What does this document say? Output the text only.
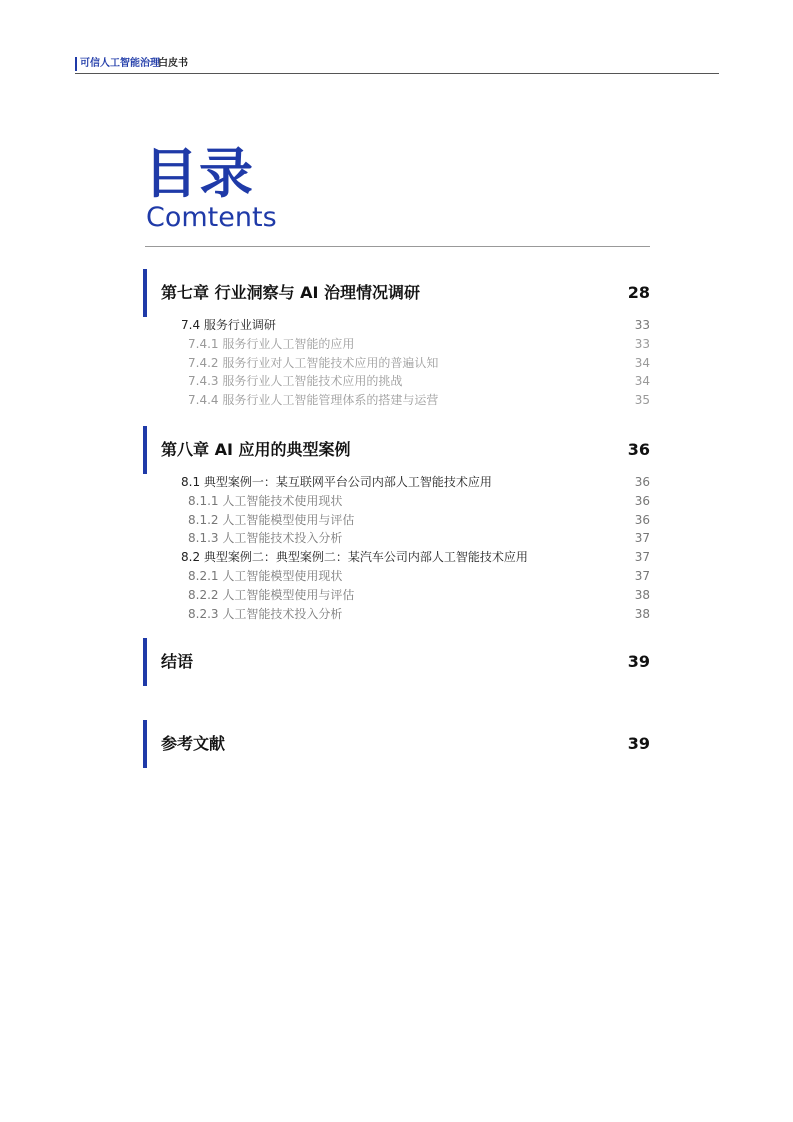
可信人工智能治理
白皮书
目录
Comtents
第七章 行业洞察与 AI 治理情况调研	28
7.4 服务行业调研	33
7.4.1 服务行业人工智能的应用	33
7.4.2 服务行业对人工智能技术应用的普遍认知	34
7.4.3 服务行业人工智能技术应用的挑战	34
7.4.4 服务行业人工智能管理体系的搭建与运营	35
第八章 AI 应用的典型案例	36
8.1 典型案例一：某互联网平台公司内部人工智能技术应用	36
8.1.1 人工智能技术使用现状	36
8.1.2 人工智能模型使用与评估	36
8.1.3 人工智能技术投入分析	37
8.2 典型案例二：典型案例二：某汽车公司内部人工智能技术应用	37
8.2.1 人工智能模型使用现状	37
8.2.2 人工智能模型使用与评估	38
8.2.3 人工智能技术投入分析	38
结语	39
参考文献	39
